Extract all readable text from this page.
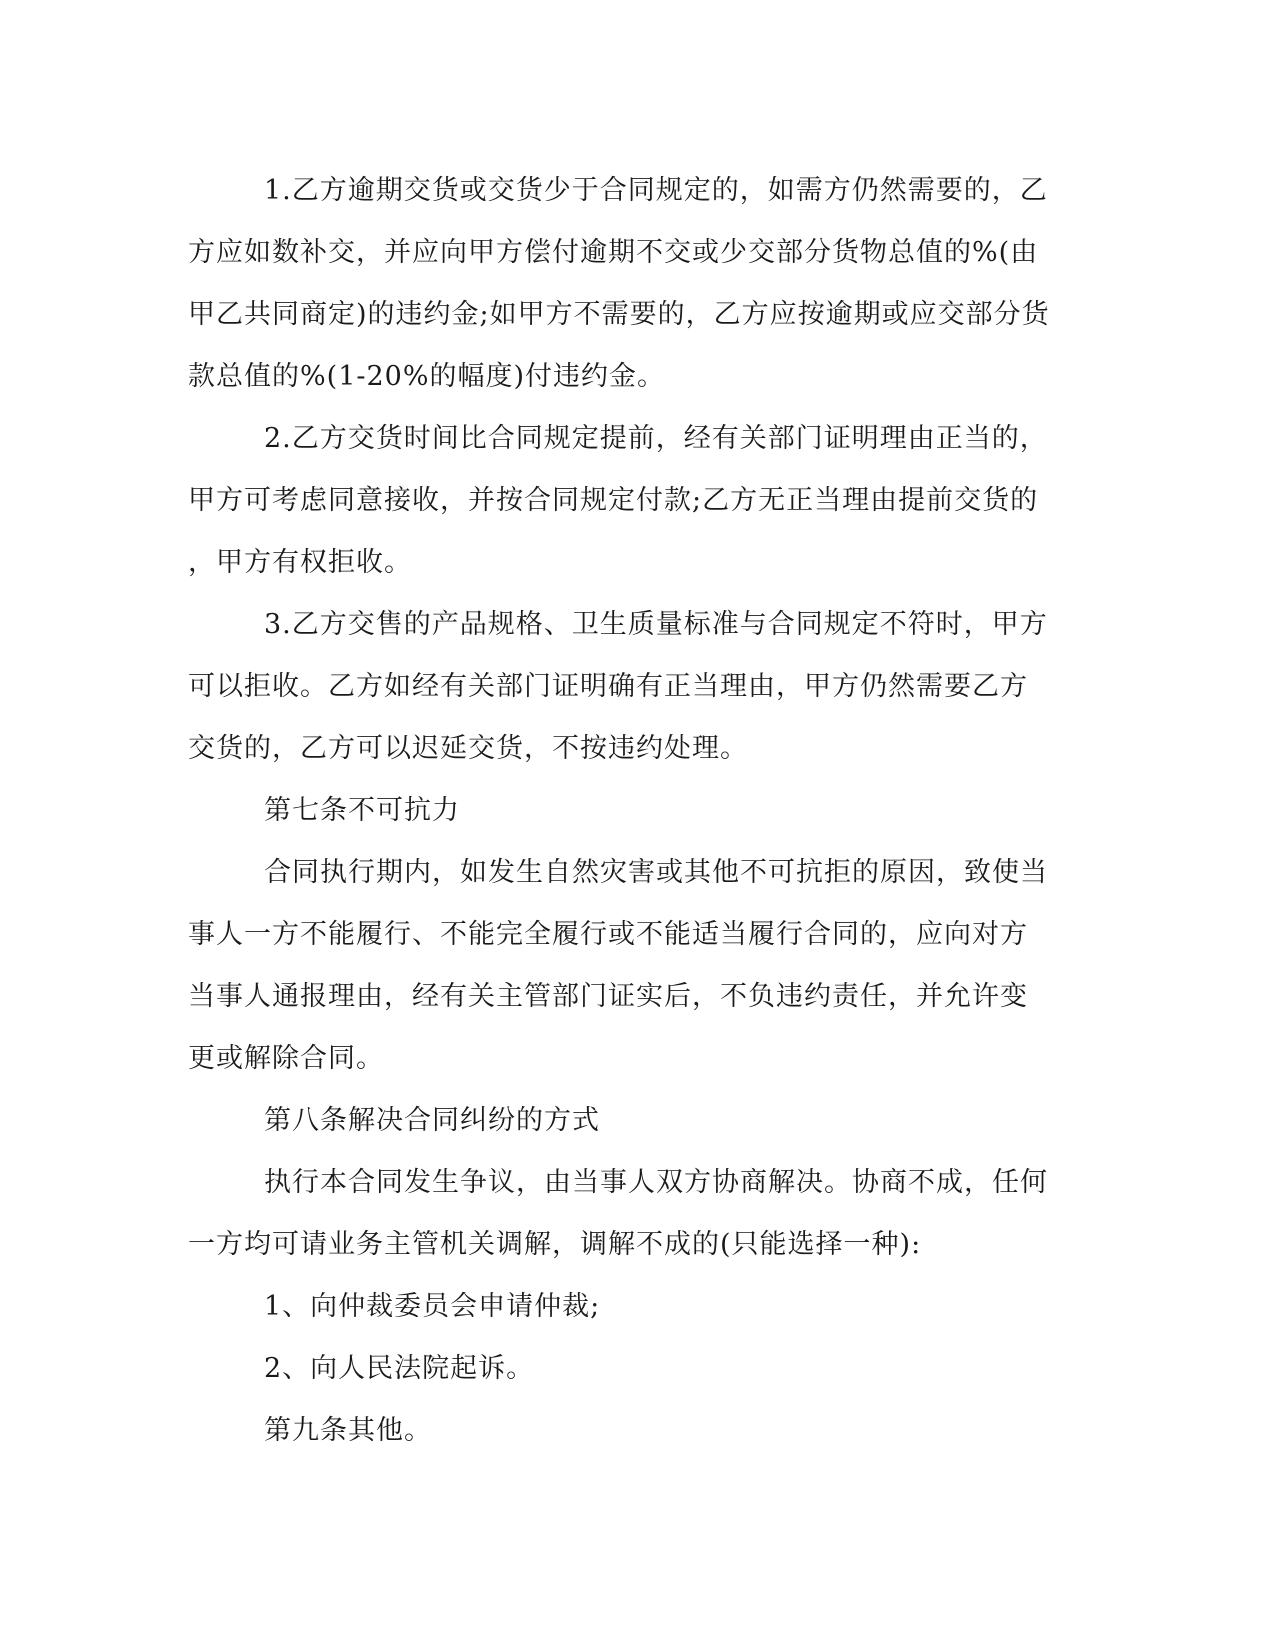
1.乙方逾期交货或交货少于合同规定的，如需方仍然需要的，乙
方应如数补交，并应向甲方偿付逾期不交或少交部分货物总值的%(由
甲乙共同商定)的违约金;如甲方不需要的，乙方应按逾期或应交部分货
款总值的%(1-20%的幅度)付违约金。

2.乙方交货时间比合同规定提前，经有关部门证明理由正当的，
甲方可考虑同意接收，并按合同规定付款;乙方无正当理由提前交货的
，甲方有权拒收。

3.乙方交售的产品规格、卫生质量标准与合同规定不符时，甲方
可以拒收。乙方如经有关部门证明确有正当理由，甲方仍然需要乙方
交货的，乙方可以迟延交货，不按违约处理。

第七条不可抗力

合同执行期内，如发生自然灾害或其他不可抗拒的原因，致使当
事人一方不能履行、不能完全履行或不能适当履行合同的，应向对方
当事人通报理由，经有关主管部门证实后，不负违约责任，并允许变
更或解除合同。

第八条解决合同纠纷的方式

执行本合同发生争议，由当事人双方协商解决。协商不成，任何
一方均可请业务主管机关调解，调解不成的(只能选择一种):

1、向仲裁委员会申请仲裁;

2、向人民法院起诉。

第九条其他。
